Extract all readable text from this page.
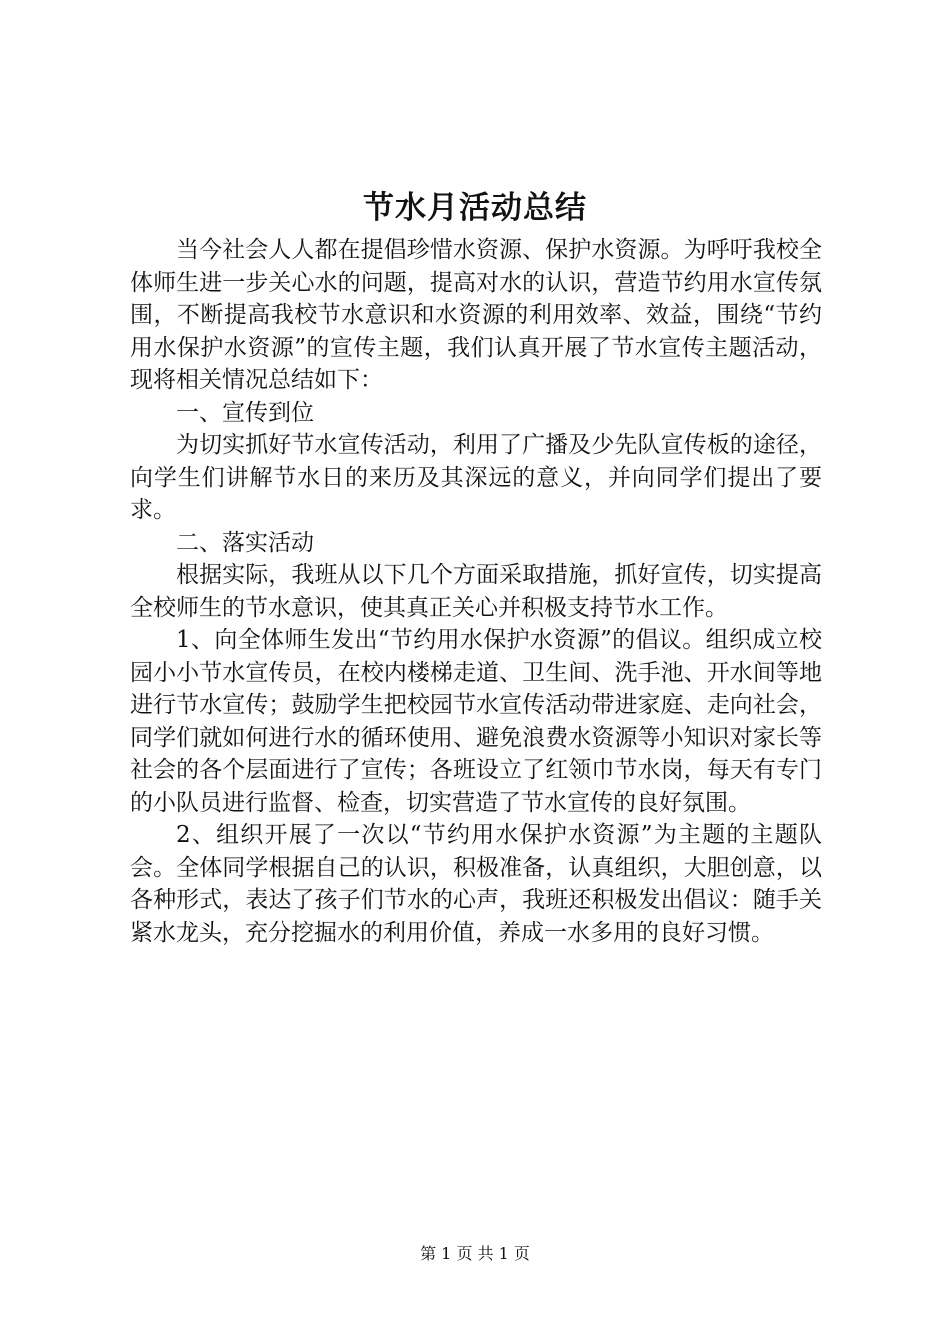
节水月活动总结

当今社会人人都在提倡珍惜水资源、保护水资源。为呼吁我校全体师生进一步关心水的问题，提高对水的认识，营造节约用水宣传氛围，不断提高我校节水意识和水资源的利用效率、效益，围绕“节约用水保护水资源”的宣传主题，我们认真开展了节水宣传主题活动，现将相关情况总结如下：

一、宣传到位

为切实抓好节水宣传活动，利用了广播及少先队宣传板的途径，向学生们讲解节水日的来历及其深远的意义，并向同学们提出了要求。

二、落实活动

根据实际，我班从以下几个方面采取措施，抓好宣传，切实提高全校师生的节水意识，使其真正关心并积极支持节水工作。

1、向全体师生发出“节约用水保护水资源”的倡议。组织成立校园小小节水宣传员，在校内楼梯走道、卫生间、洗手池、开水间等地进行节水宣传；鼓励学生把校园节水宣传活动带进家庭、走向社会，同学们就如何进行水的循环使用、避免浪费水资源等小知识对家长等社会的各个层面进行了宣传；各班设立了红领巾节水岗，每天有专门的小队员进行监督、检查，切实营造了节水宣传的良好氛围。

2、组织开展了一次以“节约用水保护水资源”为主题的主题队会。全体同学根据自己的认识，积极准备，认真组织，大胆创意，以各种形式，表达了孩子们节水的心声，我班还积极发出倡议：随手关紧水龙头，充分挖掘水的利用价值，养成一水多用的良好习惯。

第 1 页 共 1 页
